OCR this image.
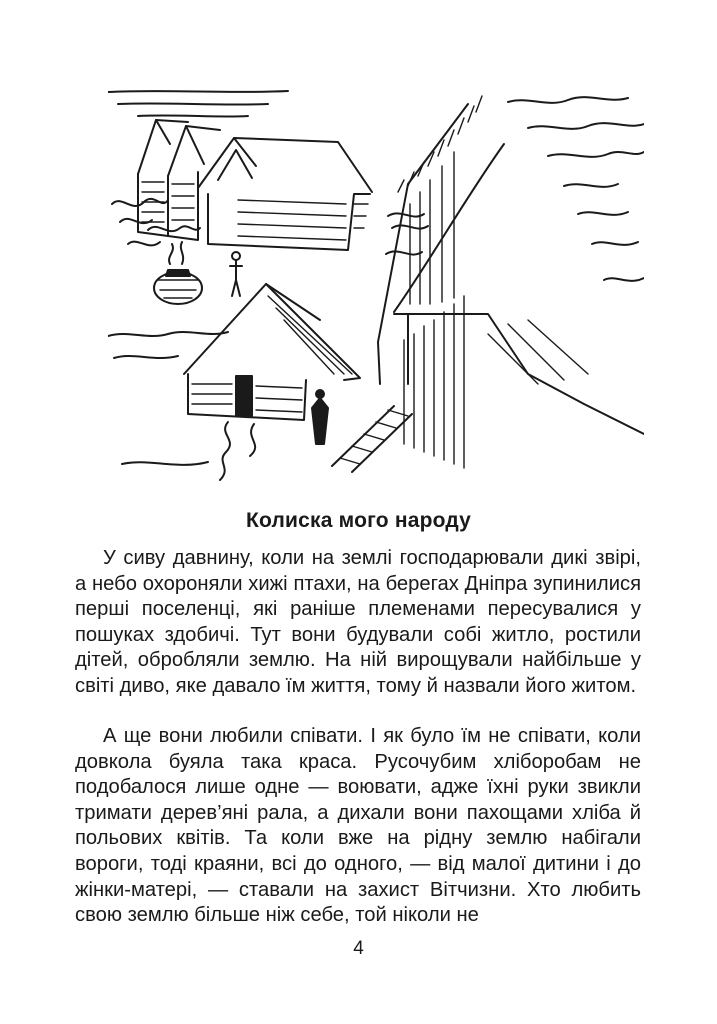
Колиска мого народу

У сиву давнину, коли на землі господарювали дикі звірі, а небо охороняли хижі птахи, на берегах Дніпра зупинилися перші поселенці, які раніше племенами пересувалися у пошуках здобичі. Тут вони будували собі житло, ростили дітей, обробляли землю. На ній вирощували найбільше у світі диво, яке давало їм життя, тому й назвали його житом.

А ще вони любили співати. І як було їм не співати, коли довкола буяла така краса. Русочубим хліборобам не подобалося лише одне — воювати, адже їхні руки звикли тримати дерев’яні рала, а дихали вони пахощами хліба й польових квітів. Та коли вже на рідну землю набігали вороги, тоді краяни, всі до одного, — від малої дитини і до жінки-матері, — ставали на захист Вітчизни. Хто любить свою землю більше ніж себе, той ніколи не

4
